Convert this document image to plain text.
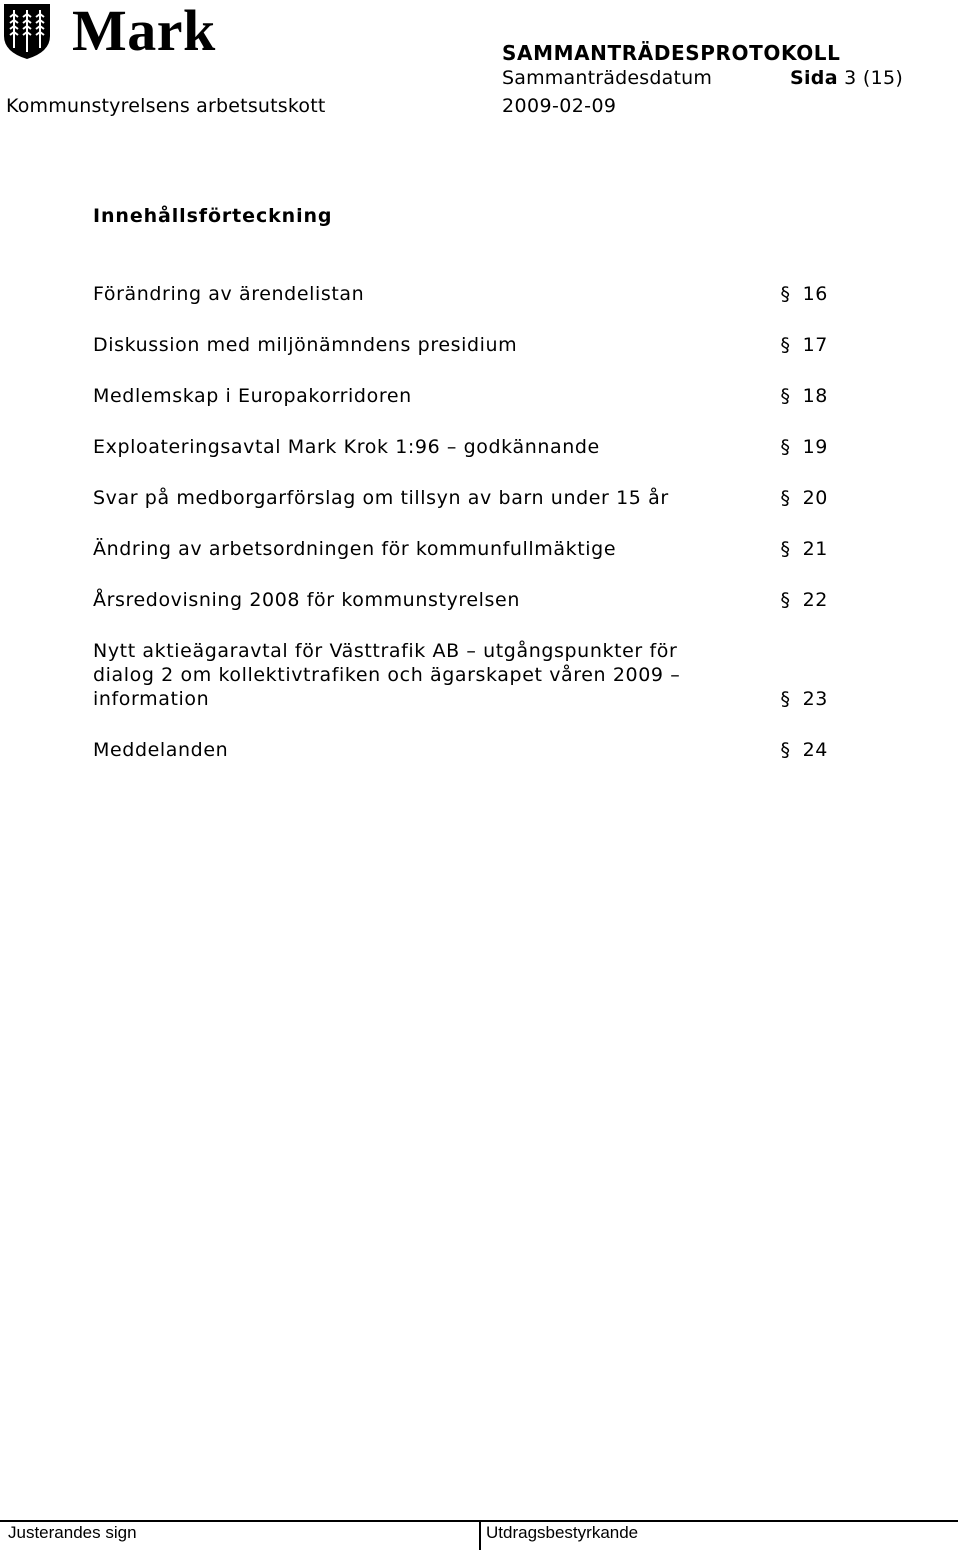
Mark	SAMMANTRÄDESPROTOKOLL
Sammanträdesdatum	Sida 3 (15)
Kommunstyrelsens arbetsutskott	2009-02-09
Innehållsförteckning
Förändring av ärendelistan	§ 16
Diskussion med miljönämndens presidium	§ 17
Medlemskap i Europakorridoren	§ 18
Exploateringsavtal Mark Krok 1:96 – godkännande	§ 19
Svar på medborgarförslag om tillsyn av barn under 15 år	§ 20
Ändring av arbetsordningen för kommunfullmäktige	§ 21
Årsredovisning 2008 för kommunstyrelsen	§ 22
Nytt aktieägaravtal för Västtrafik AB – utgångspunkter för dialog 2 om kollektivtrafiken och ägarskapet våren 2009 – information	§ 23
Meddelanden	§ 24
Justerandes sign	Utdragsbestyrkande
